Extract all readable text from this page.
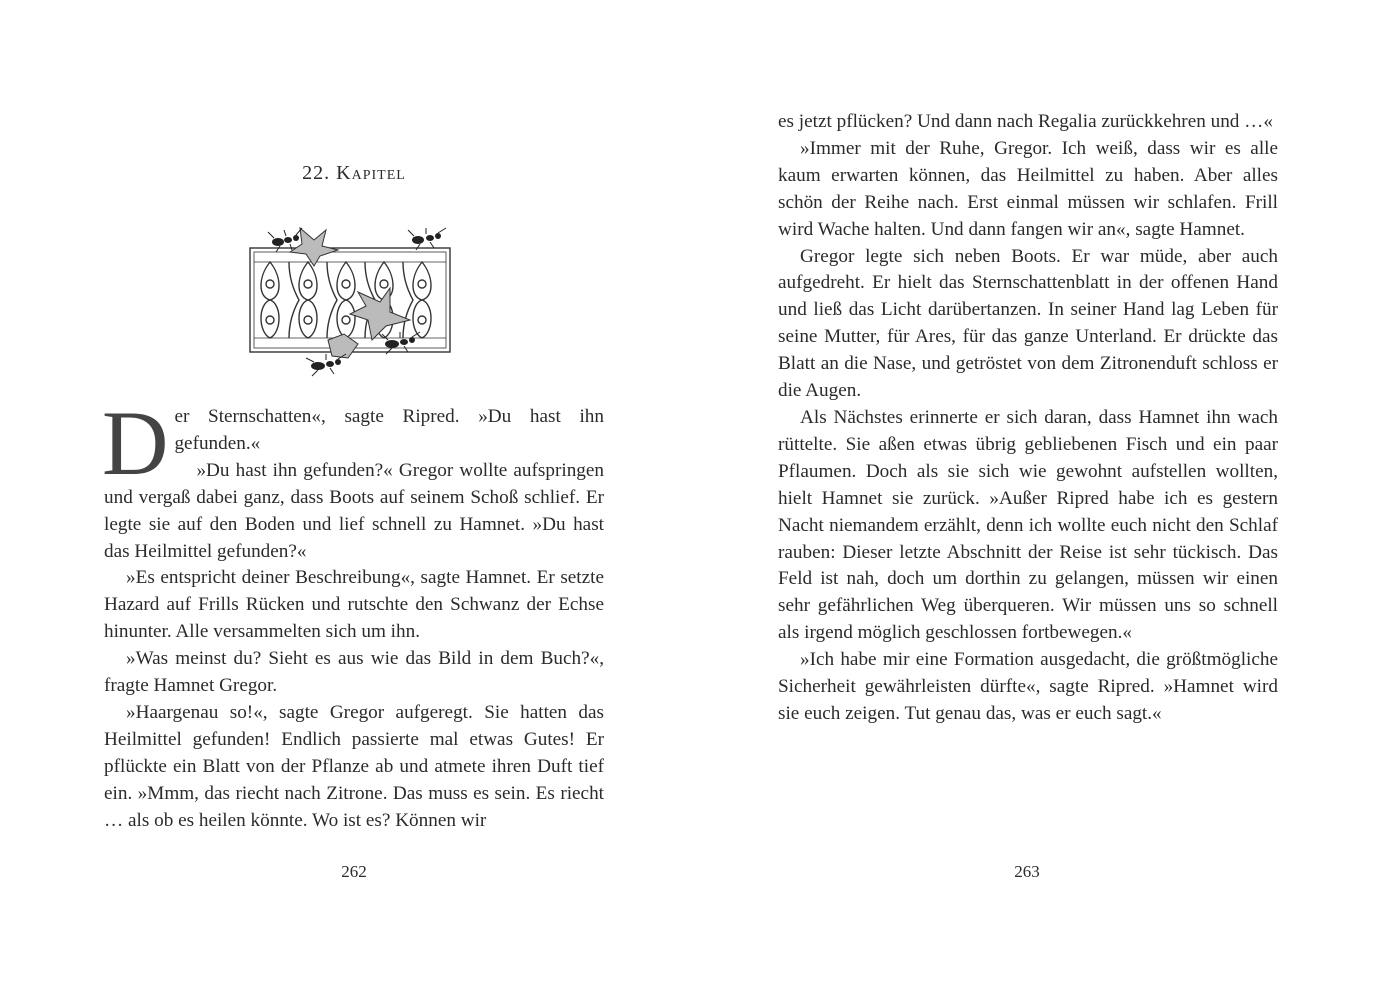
22. Kapitel

Der Sternschatten«, sagte Ripred. »Du hast ihn gefunden.«

»Du hast ihn gefunden?« Gregor wollte aufspringen und vergaß dabei ganz, dass Boots auf seinem Schoß schlief. Er legte sie auf den Boden und lief schnell zu Hamnet. »Du hast das Heilmittel gefunden?«

»Es entspricht deiner Beschreibung«, sagte Hamnet. Er setzte Hazard auf Frills Rücken und rutschte den Schwanz der Echse hinunter. Alle versammelten sich um ihn.

»Was meinst du? Sieht es aus wie das Bild in dem Buch?«, fragte Hamnet Gregor.

»Haargenau so!«, sagte Gregor aufgeregt. Sie hatten das Heilmittel gefunden! Endlich passierte mal etwas Gutes! Er pflückte ein Blatt von der Pflanze ab und atmete ihren Duft tief ein. »Mmm, das riecht nach Zitrone. Das muss es sein. Es riecht … als ob es heilen könnte. Wo ist es? Können wir

262

es jetzt pflücken? Und dann nach Regalia zurückkehren und …«

»Immer mit der Ruhe, Gregor. Ich weiß, dass wir es alle kaum erwarten können, das Heilmittel zu haben. Aber alles schön der Reihe nach. Erst einmal müssen wir schlafen. Frill wird Wache halten. Und dann fangen wir an«, sagte Hamnet.

Gregor legte sich neben Boots. Er war müde, aber auch aufgedreht. Er hielt das Sternschattenblatt in der offenen Hand und ließ das Licht darübertanzen. In seiner Hand lag Leben für seine Mutter, für Ares, für das ganze Unterland. Er drückte das Blatt an die Nase, und getröstet von dem Zitronenduft schloss er die Augen.

Als Nächstes erinnerte er sich daran, dass Hamnet ihn wach rüttelte. Sie aßen etwas übrig gebliebenen Fisch und ein paar Pflaumen. Doch als sie sich wie gewohnt aufstellen wollten, hielt Hamnet sie zurück. »Außer Ripred habe ich es gestern Nacht niemandem erzählt, denn ich wollte euch nicht den Schlaf rauben: Dieser letzte Abschnitt der Reise ist sehr tückisch. Das Feld ist nah, doch um dorthin zu gelangen, müssen wir einen sehr gefährlichen Weg überqueren. Wir müssen uns so schnell als irgend möglich geschlossen fortbewegen.«

»Ich habe mir eine Formation ausgedacht, die größtmögliche Sicherheit gewährleisten dürfte«, sagte Ripred. »Hamnet wird sie euch zeigen. Tut genau das, was er euch sagt.«

263
